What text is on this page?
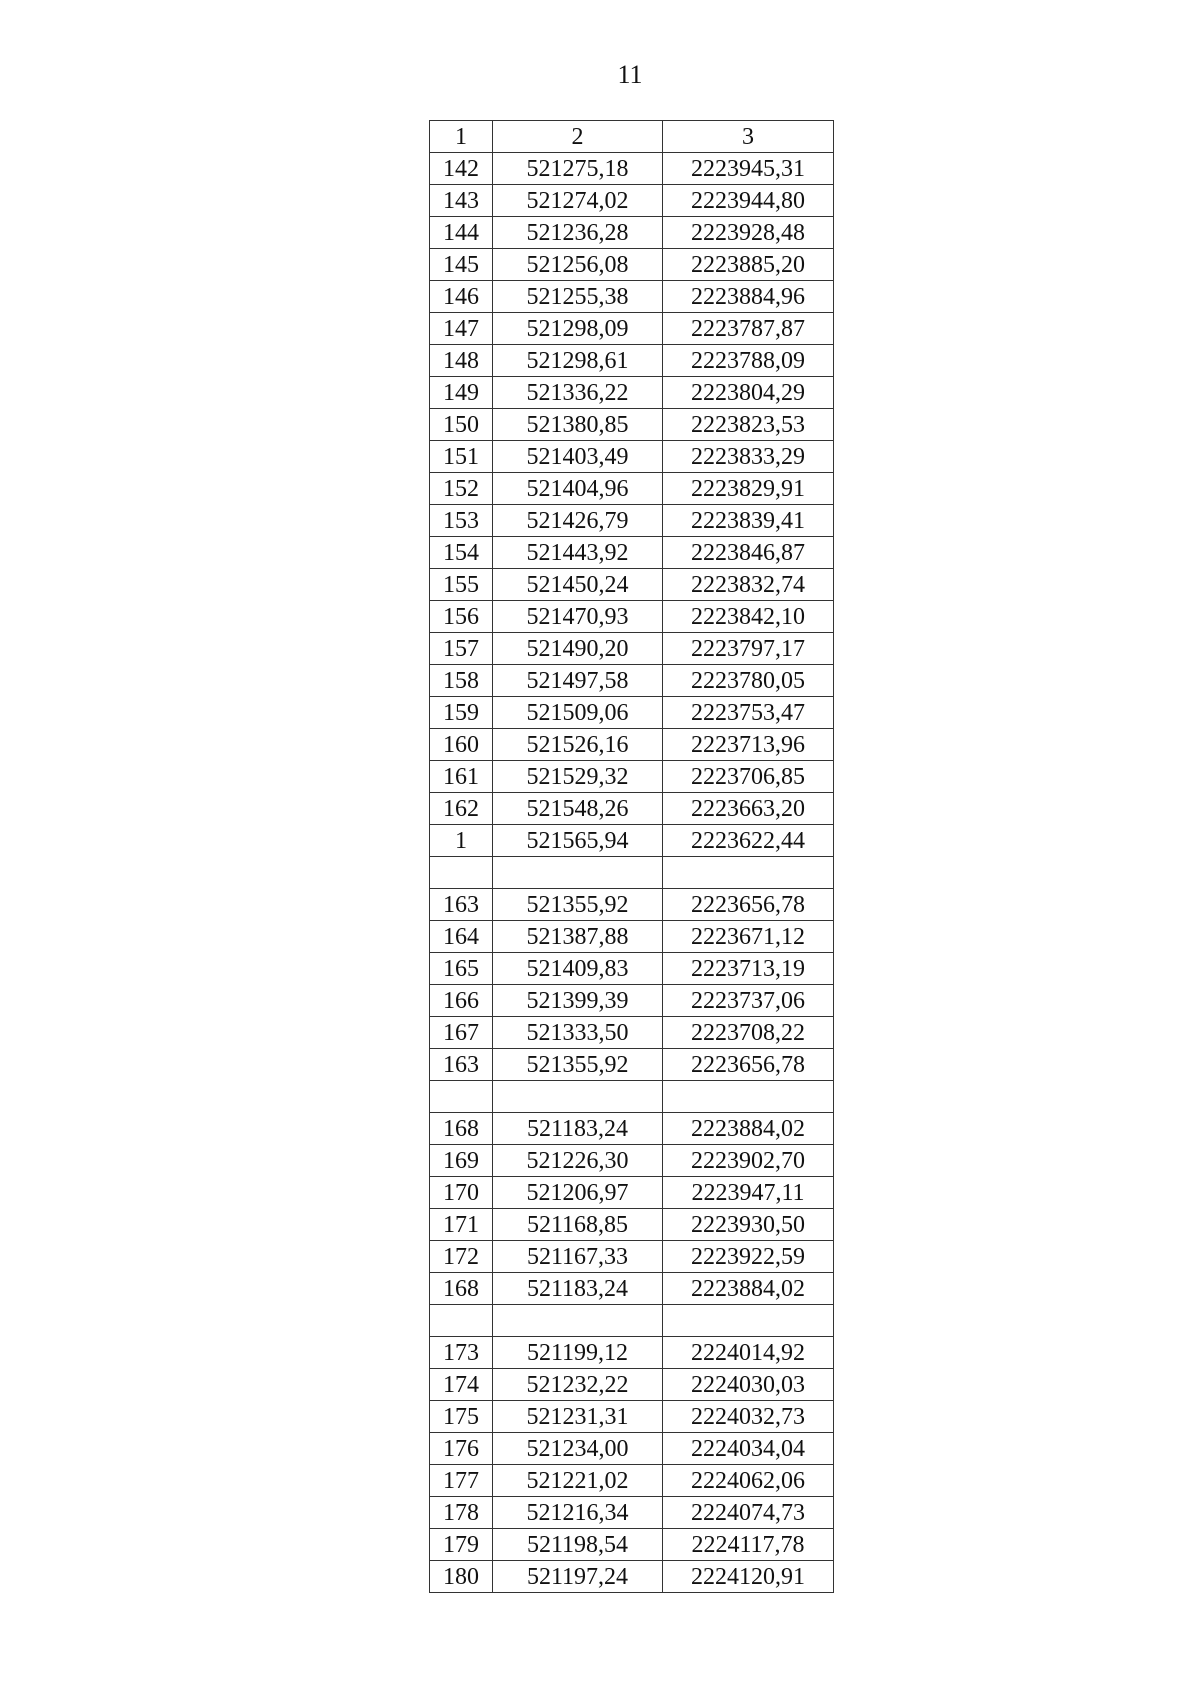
11
1	2	3
142	521275,18	2223945,31
143	521274,02	2223944,80
144	521236,28	2223928,48
145	521256,08	2223885,20
146	521255,38	2223884,96
147	521298,09	2223787,87
148	521298,61	2223788,09
149	521336,22	2223804,29
150	521380,85	2223823,53
151	521403,49	2223833,29
152	521404,96	2223829,91
153	521426,79	2223839,41
154	521443,92	2223846,87
155	521450,24	2223832,74
156	521470,93	2223842,10
157	521490,20	2223797,17
158	521497,58	2223780,05
159	521509,06	2223753,47
160	521526,16	2223713,96
161	521529,32	2223706,85
162	521548,26	2223663,20
1	521565,94	2223622,44

163	521355,92	2223656,78
164	521387,88	2223671,12
165	521409,83	2223713,19
166	521399,39	2223737,06
167	521333,50	2223708,22
163	521355,92	2223656,78

168	521183,24	2223884,02
169	521226,30	2223902,70
170	521206,97	2223947,11
171	521168,85	2223930,50
172	521167,33	2223922,59
168	521183,24	2223884,02

173	521199,12	2224014,92
174	521232,22	2224030,03
175	521231,31	2224032,73
176	521234,00	2224034,04
177	521221,02	2224062,06
178	521216,34	2224074,73
179	521198,54	2224117,78
180	521197,24	2224120,91
